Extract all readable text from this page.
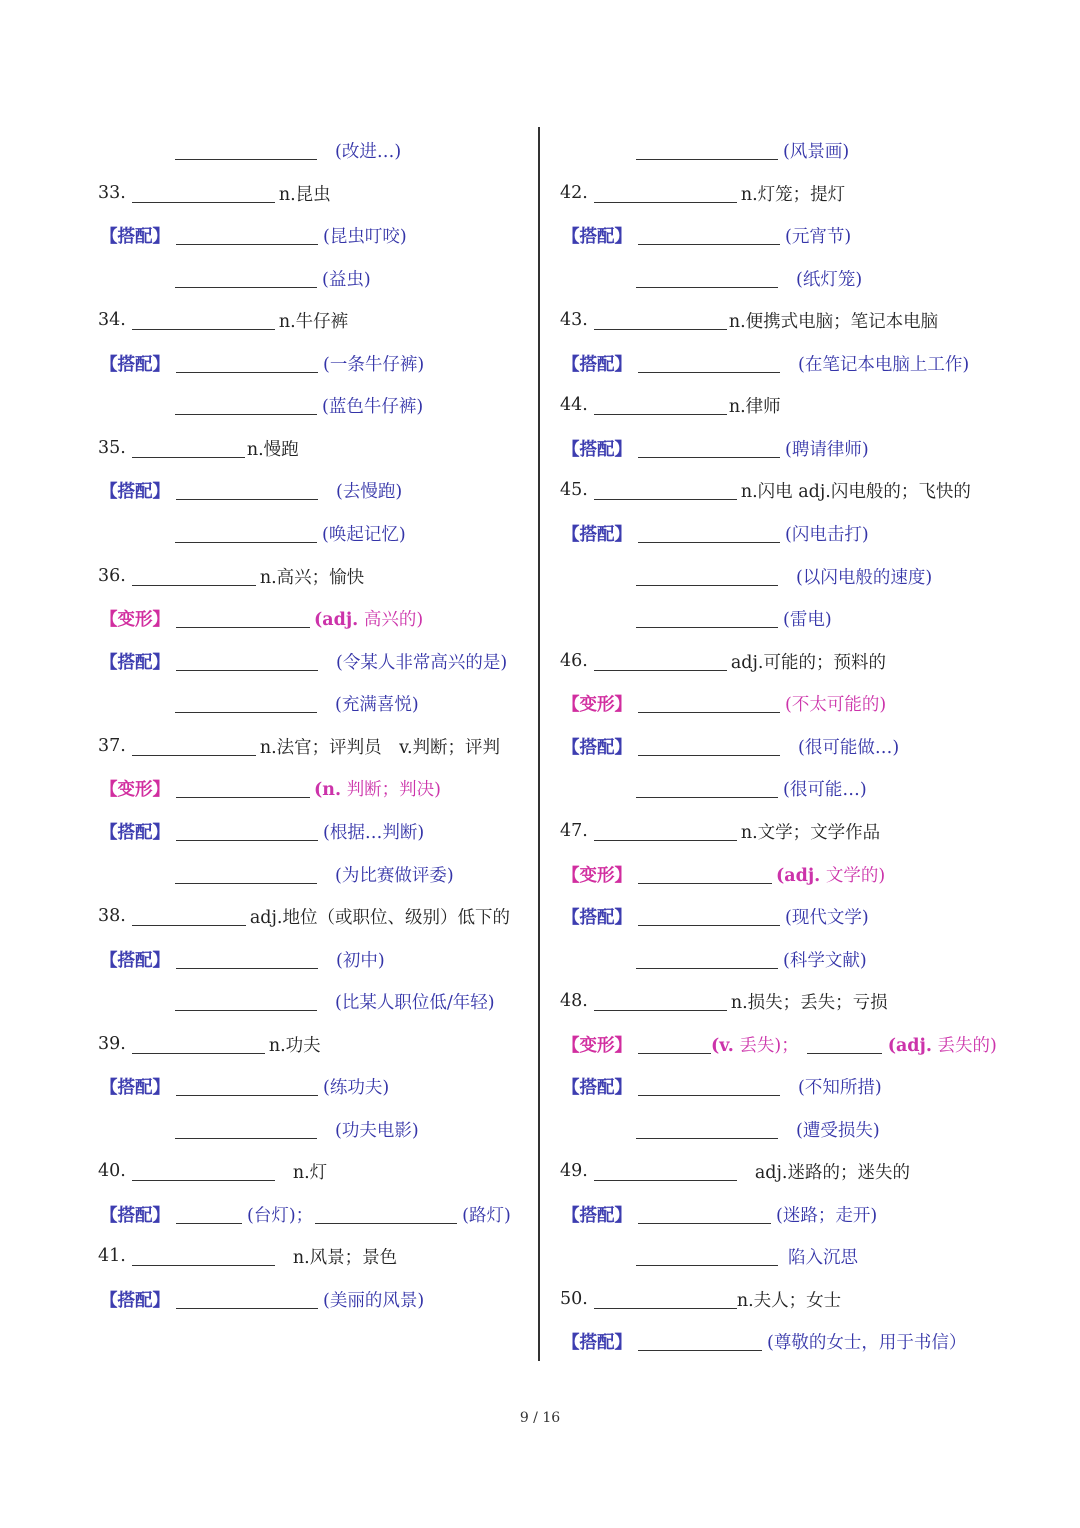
(改进…)
33.	n.昆虫
【搭配】	(昆虫叮咬)
(益虫)
34.	n.牛仔裤
【搭配】	(一条牛仔裤)
(蓝色牛仔裤)
35.	n.慢跑
【搭配】	(去慢跑)
(唤起记忆)
36.	n.高兴；愉快
【变形】	(adj. 高兴的)
【搭配】	(令某人非常高兴的是)
(充满喜悦)
37.	n.法官；评判员　v.判断；评判
【变形】	(n. 判断；判决)
【搭配】	(根据…判断)
(为比赛做评委)
38.	adj.地位（或职位、级别）低下的
【搭配】	(初中)
(比某人职位低/年轻)
39.	n.功夫
【搭配】	(练功夫)
(功夫电影)
40.	n.灯
【搭配】	(台灯) ；	(路灯)
41.	n.风景；景色
【搭配】	(美丽的风景)
(风景画)
42.	n.灯笼；提灯
【搭配】	(元宵节)
(纸灯笼)
43.	n.便携式电脑；笔记本电脑
【搭配】	(在笔记本电脑上工作)
44.	n.律师
【搭配】	(聘请律师)
45.	n.闪电 adj.闪电般的；飞快的
【搭配】	(闪电击打)
(以闪电般的速度)
(雷电)
46.	adj.可能的；预料的
【变形】	(不太可能的)
【搭配】	(很可能做…)
(很可能…)
47.	n.文学；文学作品
【变形】	(adj. 文学的)
【搭配】	(现代文学)
(科学文献)
48.	n.损失；丢失；亏损
【变形】	(v. 丢失) ；	(adj. 丢失的)
【搭配】	(不知所措)
(遭受损失)
49.	adj.迷路的；迷失的
【搭配】	(迷路；走开)
陷入沉思
50.	n.夫人；女士
【搭配】	(尊敬的女士，用于书信）
9 / 16
